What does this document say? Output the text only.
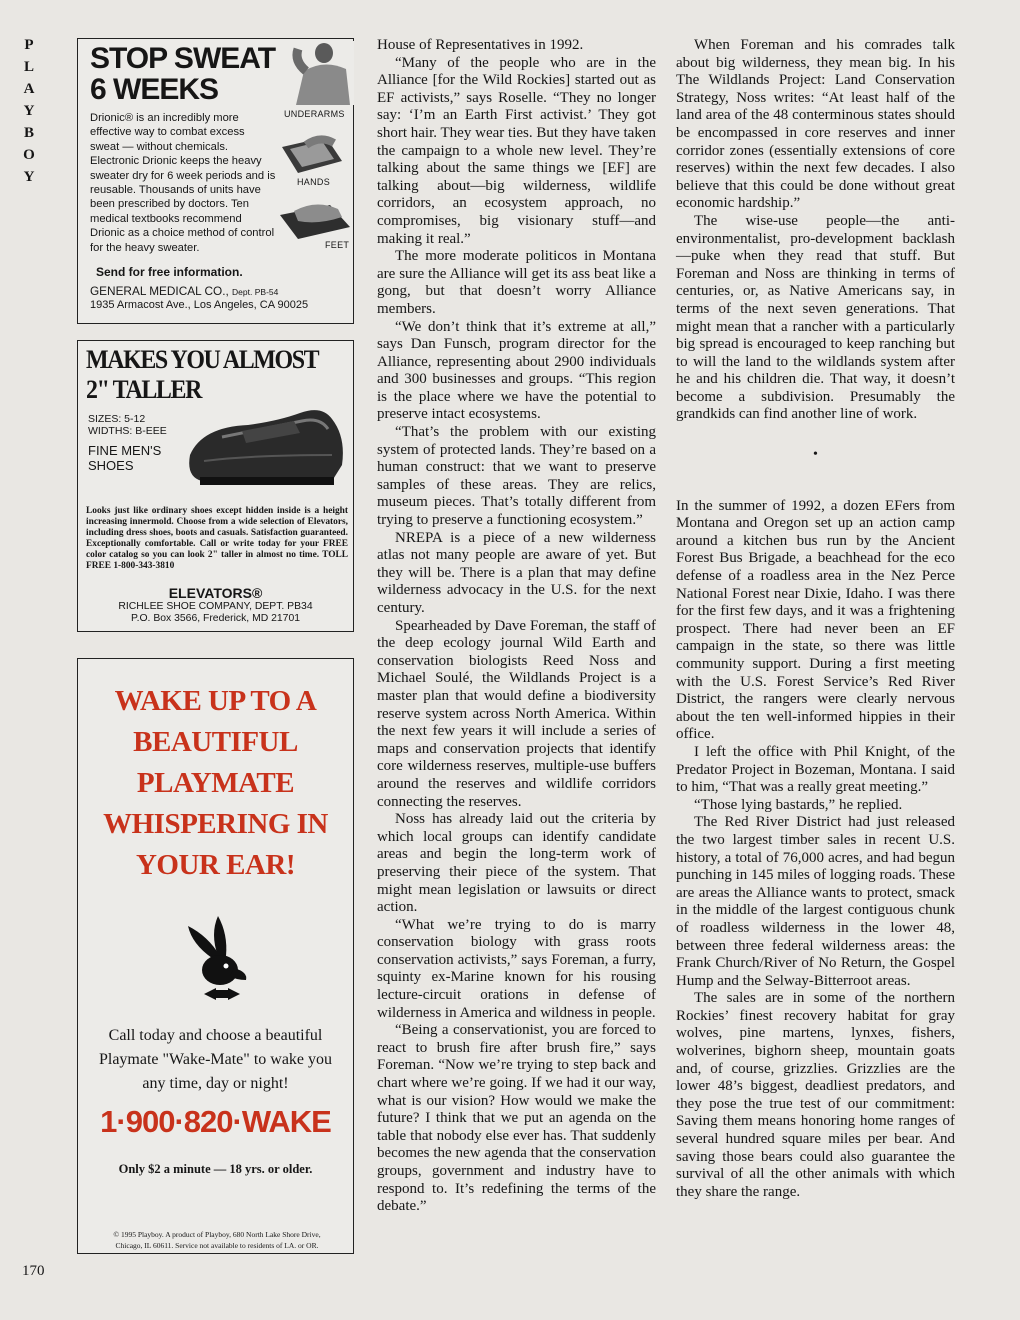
P
L
A
Y
B
O
Y
170
STOP SWEAT
6 WEEKS
Drionic® is an incredibly more effective way to combat excess sweat — without chemicals. Electronic Drionic keeps the heavy sweater dry for 6 week periods and is reusable. Thousands of units have been prescribed by doctors. Ten medical textbooks recommend Drionic as a choice method of control for the heavy sweater.
UNDERARMS
HANDS
FEET
Send for free information.
GENERAL MEDICAL CO., Dept. PB-54
1935 Armacost Ave., Los Angeles, CA 90025
MAKES YOU ALMOST
2" TALLER
SIZES: 5-12
WIDTHS: B-EEE
FINE MEN'S
SHOES
Looks just like ordinary shoes except hidden inside is a height increasing innermold. Choose from a wide selection of Elevators, including dress shoes, boots and casuals. Satisfaction guaranteed. Exceptionally comfortable. Call or write today for your FREE color catalog so you can look 2" taller in almost no time. TOLL FREE 1-800-343-3810
ELEVATORS®
RICHLEE SHOE COMPANY, DEPT. PB34
P.O. Box 3566, Frederick, MD 21701
WAKE UP TO A
BEAUTIFUL
PLAYMATE
WHISPERING IN
YOUR EAR!
Call today and choose a beautiful
Playmate "Wake-Mate" to wake you
any time, day or night!
1·900·820·WAKE
Only $2 a minute — 18 yrs. or older.
© 1995 Playboy. A product of Playboy, 680 North Lake Shore Drive,
Chicago, IL 60611. Service not available to residents of LA. or OR.

House of Representatives in 1992.

“Many of the people who are in the Alliance [for the Wild Rockies] started out as EF activists,” says Roselle. “They no longer say: ‘I’m an Earth First activist.’ They got short hair. They wear ties. But they have taken the campaign to a whole new level. They’re talking about the same things we [EF] are talking about—big wilderness, wildlife corridors, an ecosystem approach, no compromises, big visionary stuff—and making it real.”

The more moderate politicos in Montana are sure the Alliance will get its ass beat like a gong, but that doesn’t worry Alliance members.

“We don’t think that it’s extreme at all,” says Dan Funsch, program director for the Alliance, representing about 2900 individuals and 300 businesses and groups. “This region is the place where we have the potential to preserve intact ecosystems.

“That’s the problem with our existing system of protected lands. They’re based on a human construct: that we want to preserve samples of these areas. They are relics, museum pieces. That’s totally different from trying to preserve a functioning ecosystem.”

NREPA is a piece of a new wilderness atlas not many people are aware of yet. But they will be. There is a plan that may define wilderness advocacy in the U.S. for the next century.

Spearheaded by Dave Foreman, the staff of the deep ecology journal Wild Earth and conservation biologists Reed Noss and Michael Soulé, the Wildlands Project is a master plan that would define a biodiversity reserve system across North America. Within the next few years it will include a series of maps and conservation projects that identify core wilderness reserves, multiple-use buffers around the reserves and wildlife corridors connecting the reserves.

Noss has already laid out the criteria by which local groups can identify candidate areas and begin the long-term work of preserving their piece of the system. That might mean legislation or lawsuits or direct action.

“What we’re trying to do is marry conservation biology with grass roots conservation activists,” says Foreman, a furry, squinty ex-Marine known for his rousing lecture-circuit orations in defense of wilderness in America and wildness in people.

“Being a conservationist, you are forced to react to brush fire after brush fire,” says Foreman. “Now we’re trying to step back and chart where we’re going. If we had it our way, what is our vision? How would we make the future? I think that we put an agenda on the table that nobody else ever has. That suddenly becomes the new agenda that the conservation groups, government and industry have to respond to. It’s redefining the terms of the debate.”

When Foreman and his comrades talk about big wilderness, they mean big. In his The Wildlands Project: Land Conservation Strategy, Noss writes: “At least half of the land area of the 48 conterminous states should be encompassed in core reserves and inner corridor zones (essentially extensions of core reserves) within the next few decades. I also believe that this could be done without great economic hardship.”

The wise-use people—the anti-environmentalist, pro-development backlash—puke when they read that stuff. But Foreman and Noss are thinking in terms of centuries, or, as Native Americans say, in terms of the next seven generations. That might mean that a rancher with a particularly big spread is encouraged to keep ranching but to will the land to the wildlands system after he and his children die. That way, it doesn’t become a subdivision. Presumably the grandkids can find another line of work.

•

In the summer of 1992, a dozen EFers from Montana and Oregon set up an action camp around a kitchen bus run by the Ancient Forest Bus Brigade, a beachhead for the eco defense of a roadless area in the Nez Perce National Forest near Dixie, Idaho. I was there for the first few days, and it was a frightening prospect. There had never been an EF campaign in the state, so there was little community support. During a first meeting with the U.S. Forest Service’s Red River District, the rangers were clearly nervous about the ten well-informed hippies in their office.

I left the office with Phil Knight, of the Predator Project in Bozeman, Montana. I said to him, “That was a really great meeting.”

“Those lying bastards,” he replied.

The Red River District had just released the two largest timber sales in recent U.S. history, a total of 76,000 acres, and had begun punching in 145 miles of logging roads. These are areas the Alliance wants to protect, smack in the middle of the largest contiguous chunk of roadless wilderness in the lower 48, between three federal wilderness areas: the Frank Church/River of No Return, the Gospel Hump and the Selway-Bitterroot areas.

The sales are in some of the northern Rockies’ finest recovery habitat for gray wolves, pine martens, lynxes, fishers, wolverines, bighorn sheep, mountain goats and, of course, grizzlies. Grizzlies are the lower 48’s biggest, deadliest predators, and they pose the true test of our commitment: Saving them means honoring home ranges of several hundred square miles per bear. And saving those bears could also guarantee the survival of all the other animals with which they share the range.
